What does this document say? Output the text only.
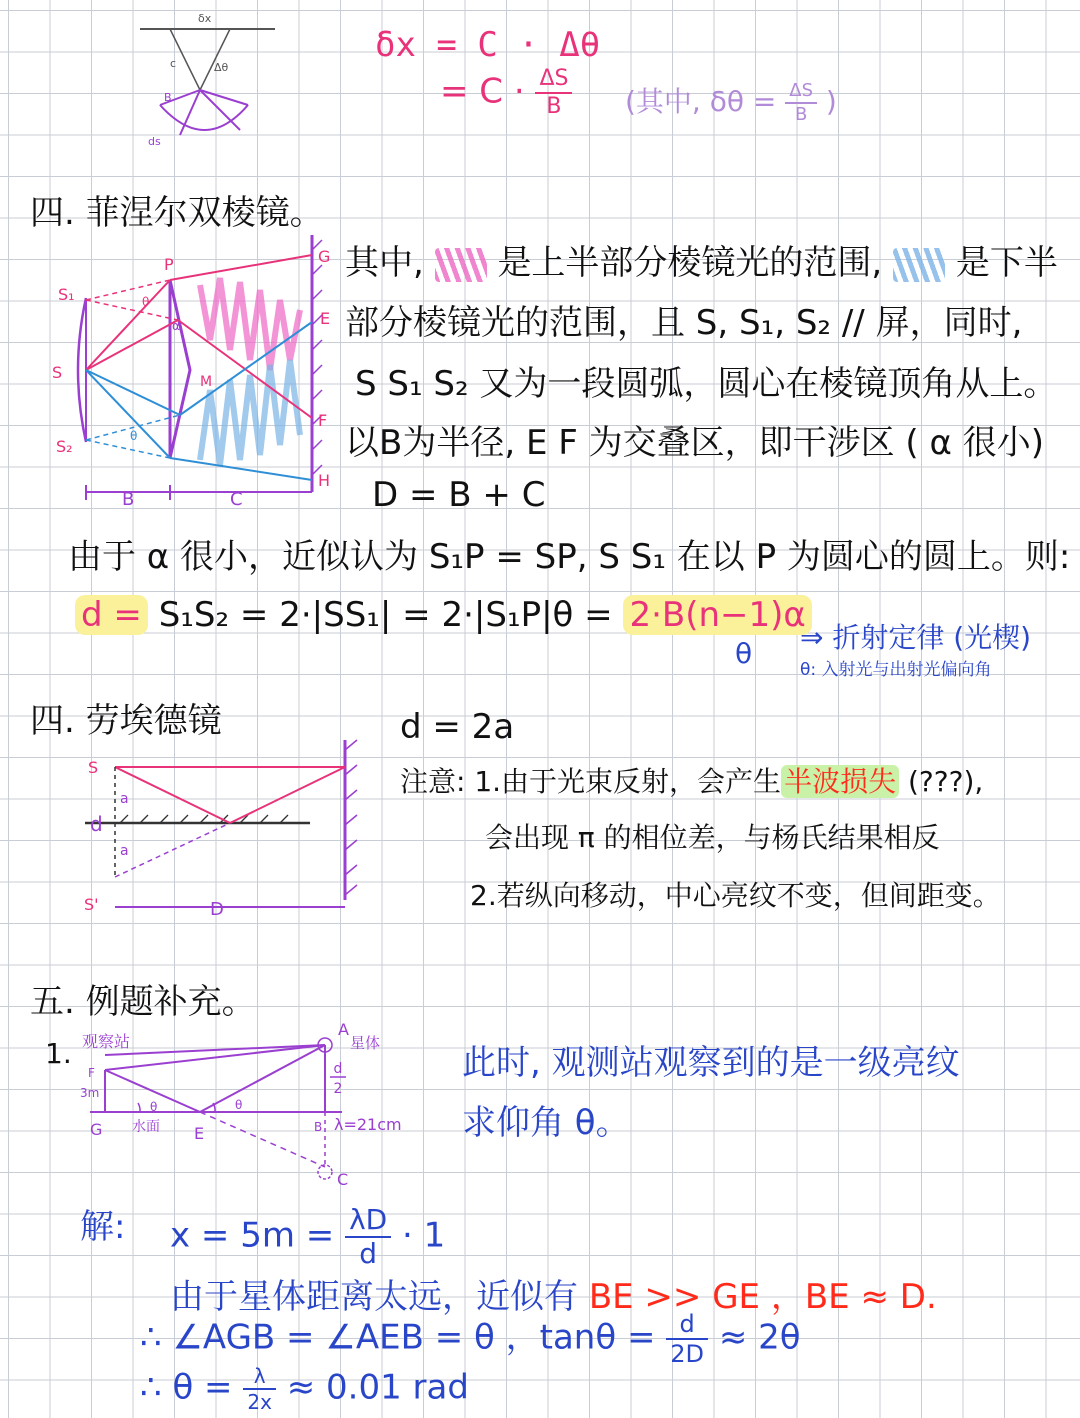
δx
c	Δθ
B
ds
δx = C · Δθ
= $C \cdot \frac{\Delta S}{B}$ (其中, $\delta\theta = \frac{\Delta S}{B}$ )
四. 菲涅尔双棱镜。
S₁
S
S₂
P
M
θ
θ
α
G
E
F
H
B	C
其中, 是上半部分棱镜光的范围, 是下半
部分棱镜光的范围，且 S, S₁, S₂ // 屏，同时,
S S₁ S₂ 又为一段圆弧，圆心在棱镜顶角从上。
以B为半径, E F 为交叠区，即干涉区 ( α 很小)
D = B + C
由于 α 很小，近似认为 S₁P = SP, S S₁ 在以 P 为圆心的圆上。则:
d = S₁S₂ = 2·|SS₁| = 2·|S₁P|θ = 2·B(n−1)α
θ ⇒ 折射定律 (光楔)
θ: 入射光与出射光偏向角
四. 劳埃德镜
S
a
d
a
S'	D
d = 2a
注意: 1.由于光束反射，会产生 半波损失 (???),
会出现 π 的相位差，与杨氏结果相反
2.若纵向移动，中心亮纹不变，但间距变。
五. 例题补充。
1. 观察站
A
星体
F
3m
θ	θ
G 水面 E	B
d
2
λ=21cm
C
此时, 观测站观察到的是一级亮纹
求仰角 θ。
解: $x = 5m = \frac{\lambda D}{d} \cdot 1$
由于星体距离太远，近似有 BE >> GE ，BE ≈ D.
∴ ∠AGB = ∠AEB = θ ，$\tan\theta = \frac{d}{2D} \approx 2\theta$
∴ $\theta = \frac{\lambda}{2x} \approx 0.01$ rad
